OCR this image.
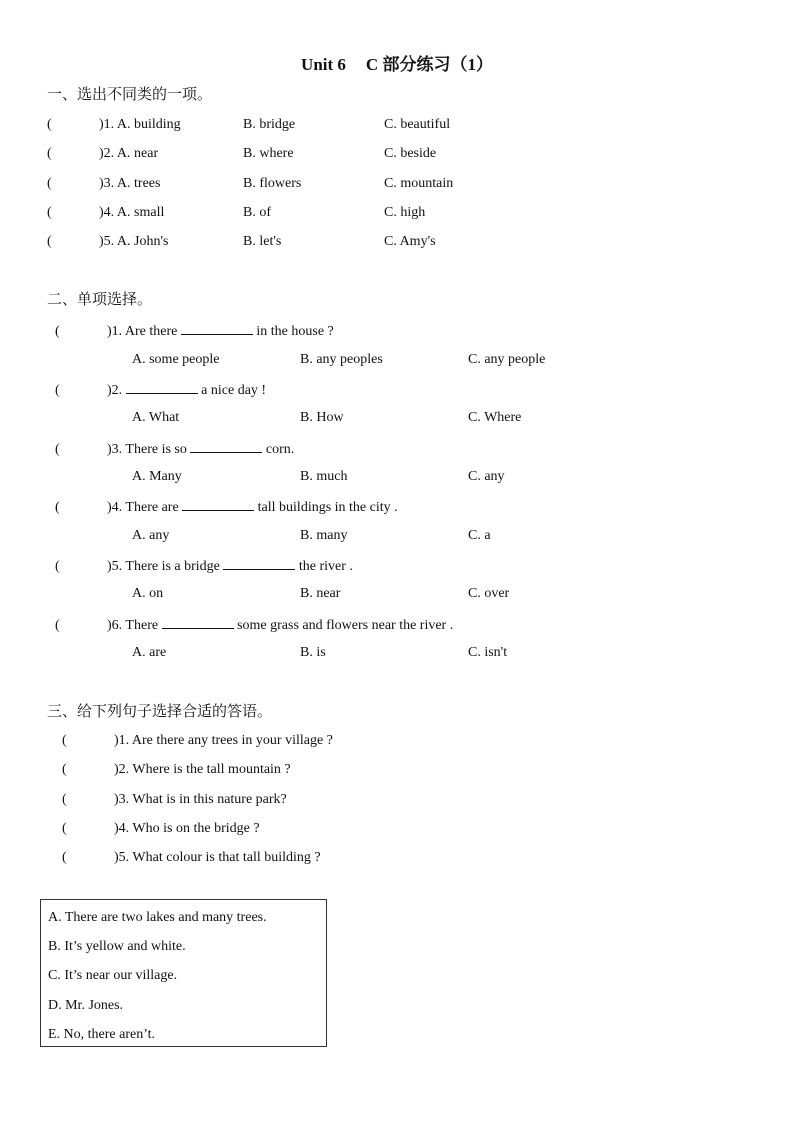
Unit 6 C 部分练习（1）
一、选出不同类的一项。
(	)1. A. building	B. bridge	C. beautiful
(	)2. A. near	B. where	C. beside
(	)3. A. trees	B. flowers	C. mountain
(	)4. A. small	B. of	C. high
(	)5. A. John's	B. let's	C. Amy's
二、单项选择。
(	)1. Are there	in the house ?
A. some people	B. any peoples	C. any people
(	)2.	a nice day !
A. What	B. How	C. Where
(	)3. There is so	corn.
A. Many	B. much	C. any
(	)4. There are	tall buildings in the city .
A. any	B. many	C. a
(	)5. There is a bridge	the river .
A. on	B. near	C. over
(	)6. There	some grass and flowers near the river .
A. are	B. is	C. isn't
三、给下列句子选择合适的答语。
(	)1. Are there any trees in your village ?
(	)2. Where is the tall mountain ?
(	)3. What is in this nature park?
(	)4. Who is on the bridge ?
(	)5. What colour is that tall building ?
A. There are two lakes and many trees.
B. It’s yellow and white.
C. It’s near our village.
D. Mr. Jones.
E. No, there aren’t.
